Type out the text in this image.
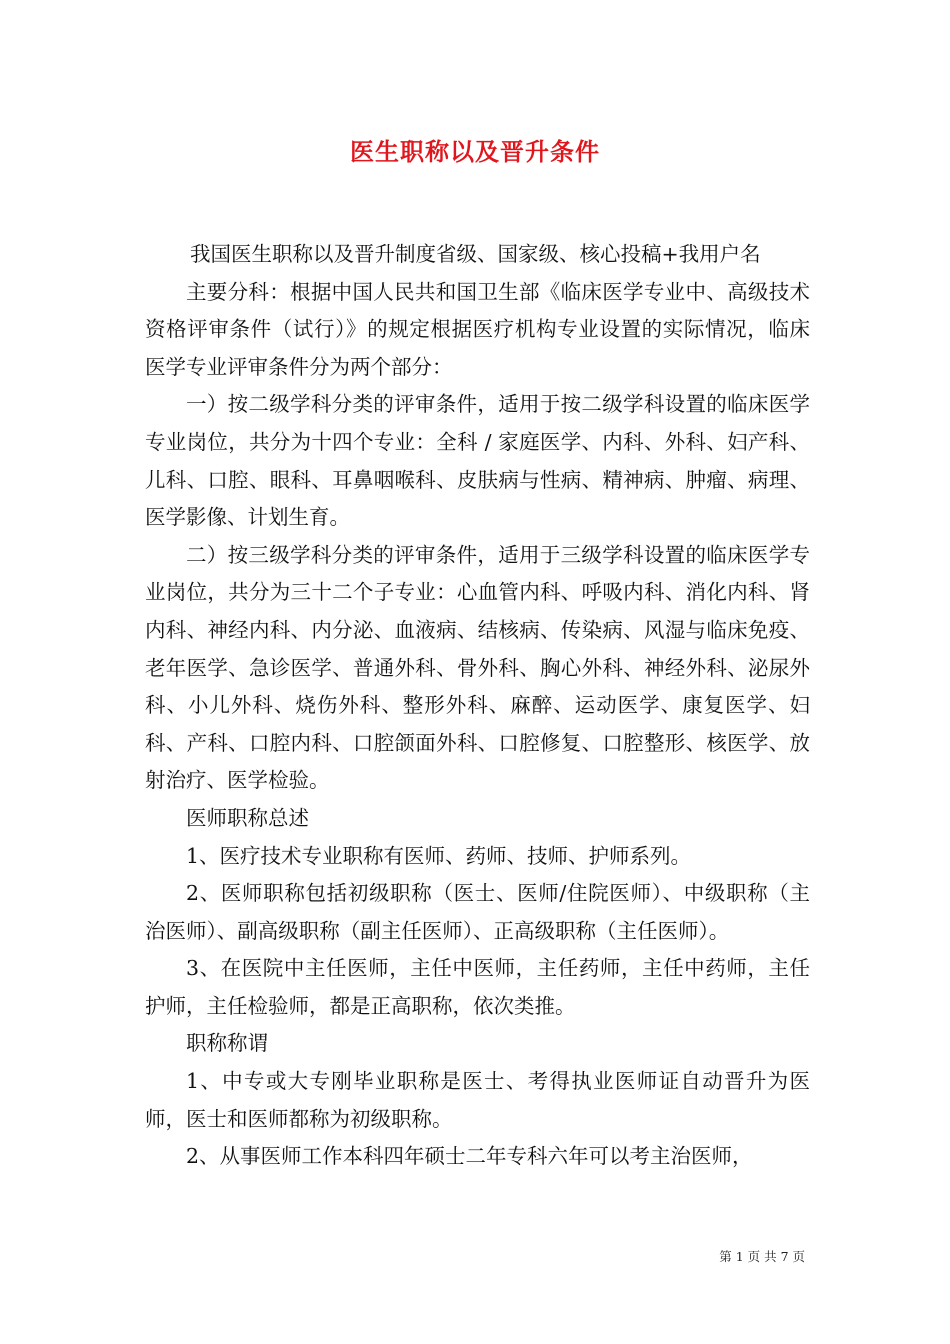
医生职称以及晋升条件

我国医生职称以及晋升制度省级、国家级、核心投稿+我用户名

主要分科：根据中国人民共和国卫生部《临床医学专业中、高级技术资格评审条件（试行）》的规定根据医疗机构专业设置的实际情况，临床医学专业评审条件分为两个部分：

一）按二级学科分类的评审条件，适用于按二级学科设置的临床医学专业岗位，共分为十四个专业：全科 / 家庭医学、内科、外科、妇产科、儿科、口腔、眼科、耳鼻咽喉科、皮肤病与性病、精神病、肿瘤、病理、医学影像、计划生育。

二）按三级学科分类的评审条件，适用于三级学科设置的临床医学专业岗位，共分为三十二个子专业：心血管内科、呼吸内科、消化内科、肾内科、神经内科、内分泌、血液病、结核病、传染病、风湿与临床免疫、老年医学、急诊医学、普通外科、骨外科、胸心外科、神经外科、泌尿外科、小儿外科、烧伤外科、整形外科、麻醉、运动医学、康复医学、妇科、产科、口腔内科、口腔颌面外科、口腔修复、口腔整形、核医学、放射治疗、医学检验。

医师职称总述

1、医疗技术专业职称有医师、药师、技师、护师系列。

2、医师职称包括初级职称（医士、医师/住院医师）、中级职称（主治医师）、副高级职称（副主任医师）、正高级职称（主任医师）。

3、在医院中主任医师，主任中医师，主任药师，主任中药师，主任护师，主任检验师，都是正高职称，依次类推。

职称称谓

1、中专或大专刚毕业职称是医士、考得执业医师证自动晋升为医师，医士和医师都称为初级职称。

2、从事医师工作本科四年硕士二年专科六年可以考主治医师，

第 1 页 共 7 页
